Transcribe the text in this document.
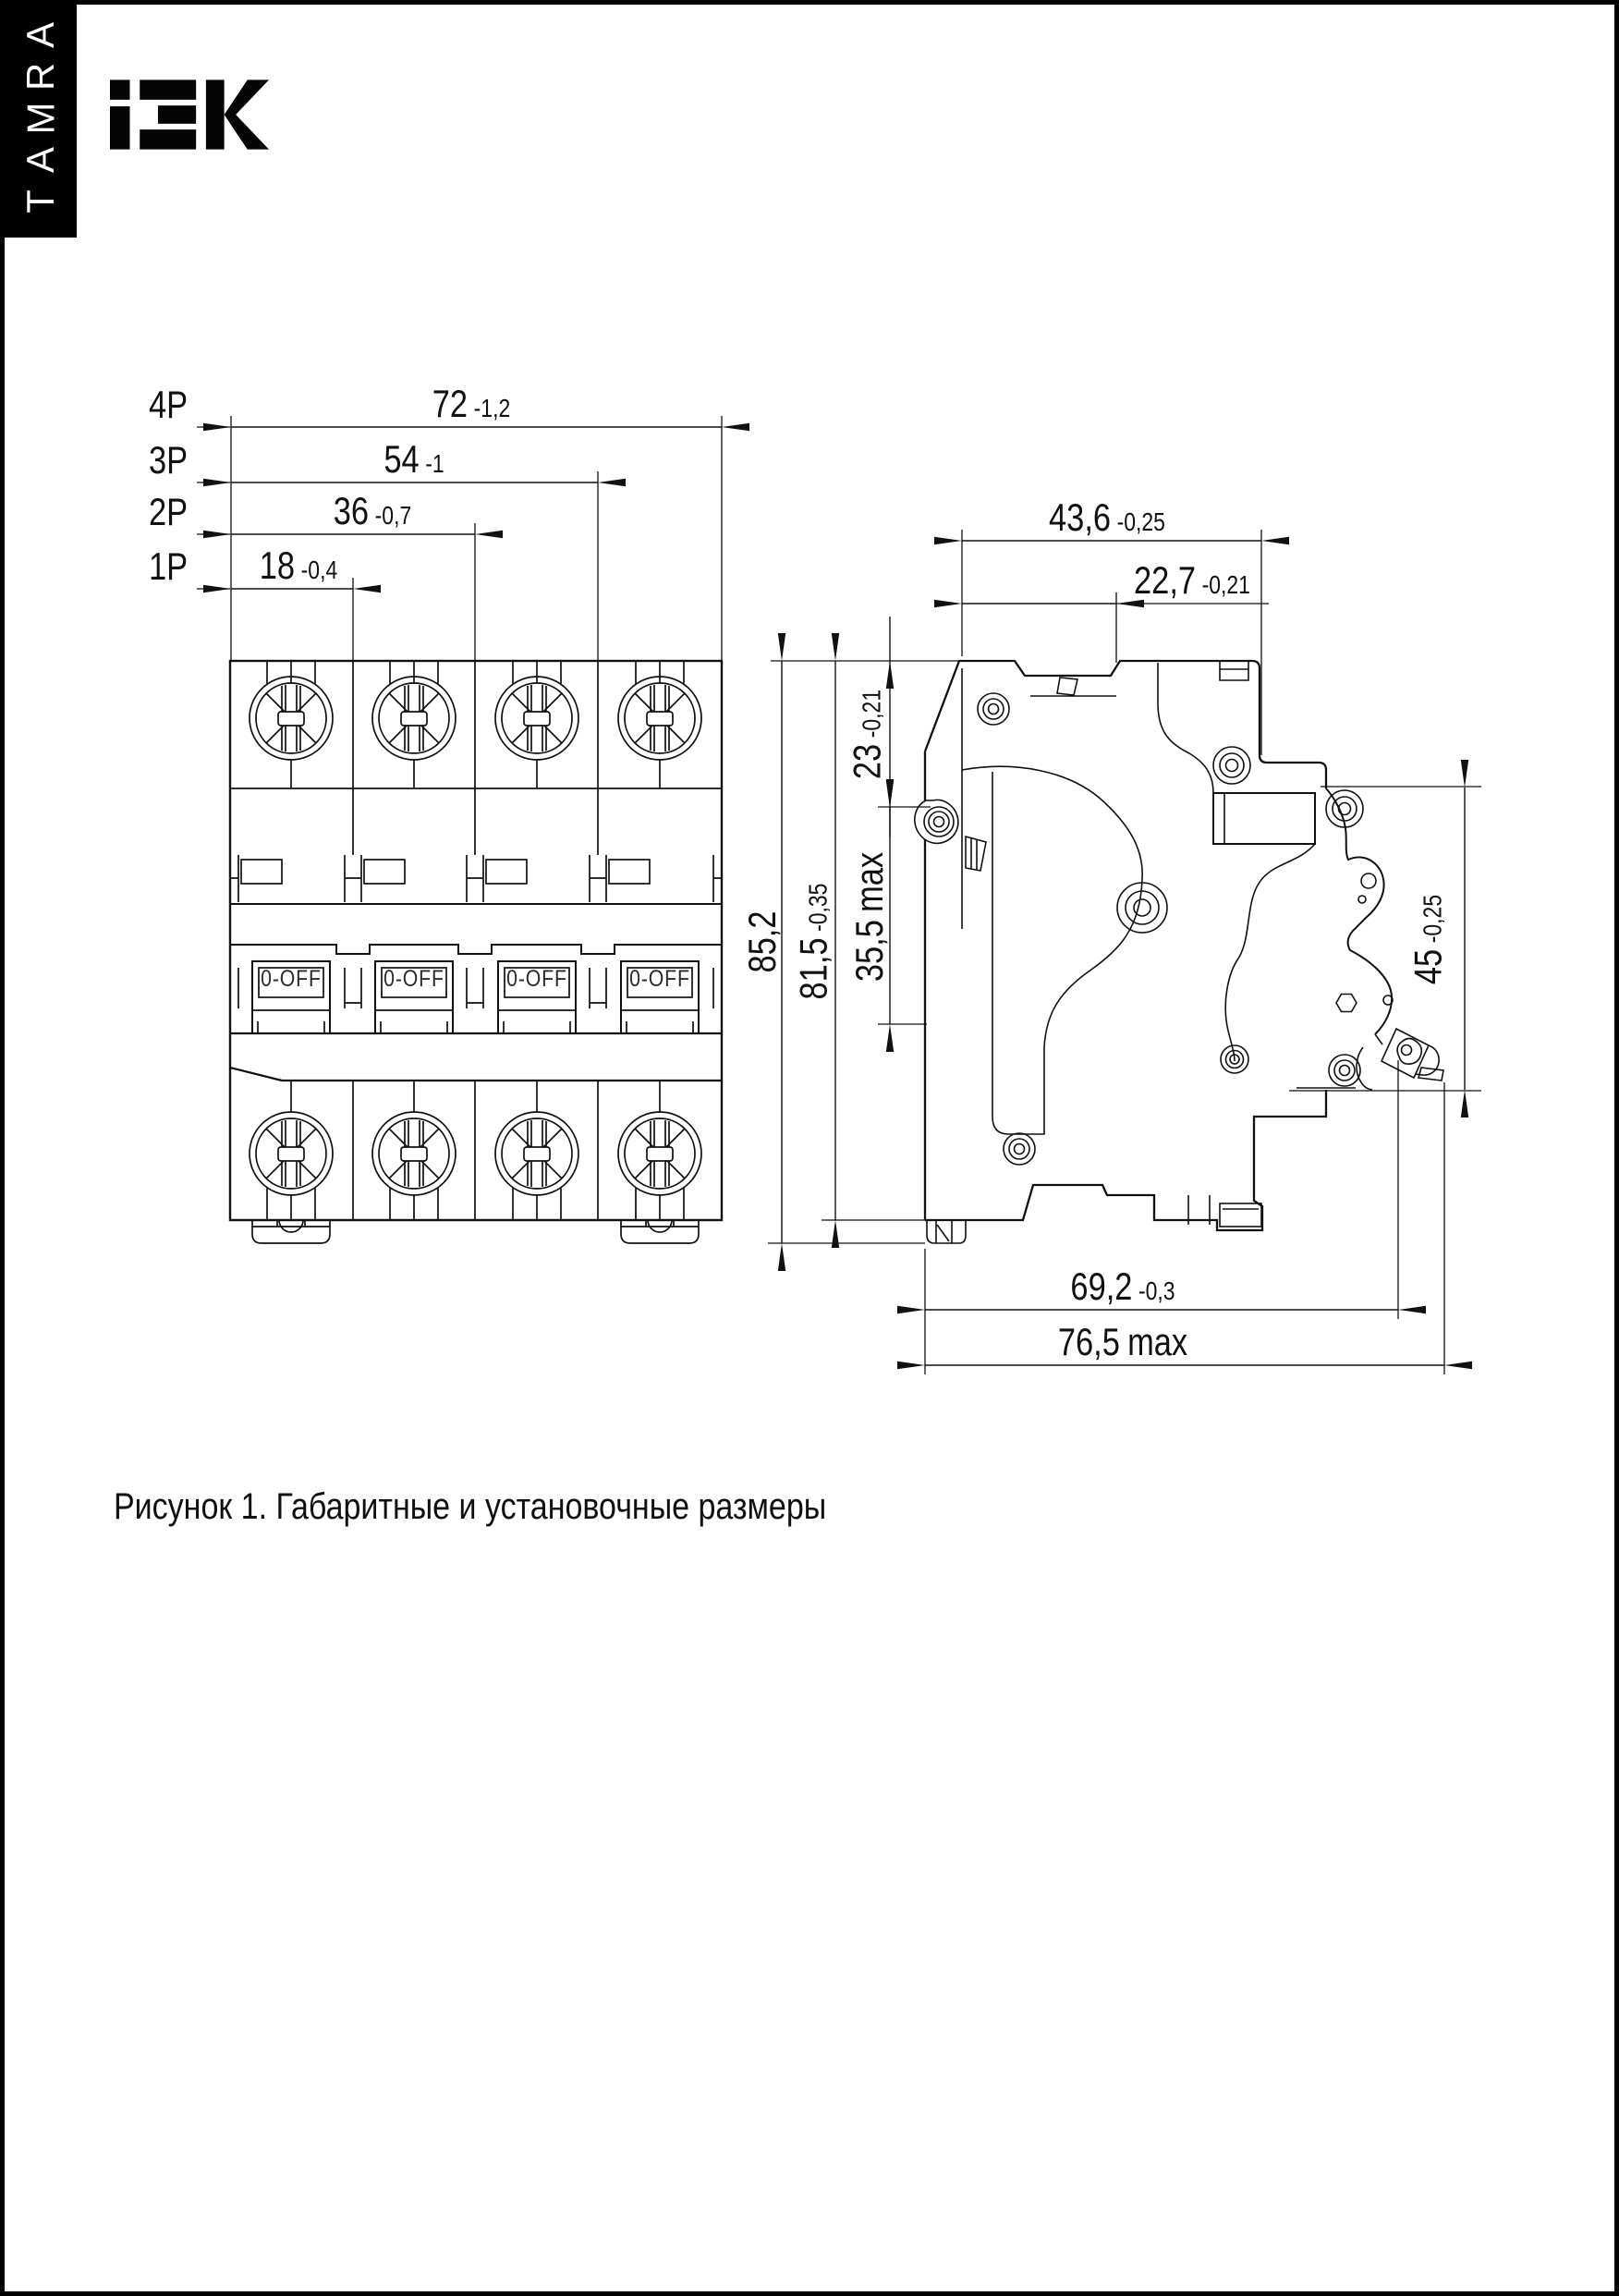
A
R
M
A
T
4P
3P
2P
1P
72 -1,2
54 -1
36 -0,7
18 -0,4
43,6 -0,25
22,7 -0,21
23-0,21
35,5max
85,2 81,5-0,35
45-0,25
69,2 -0,3
76,5 max
0-OFF	0-OFF	0-OFF	0-OFF
Рисунок 1. Габаритные и установочные размеры
